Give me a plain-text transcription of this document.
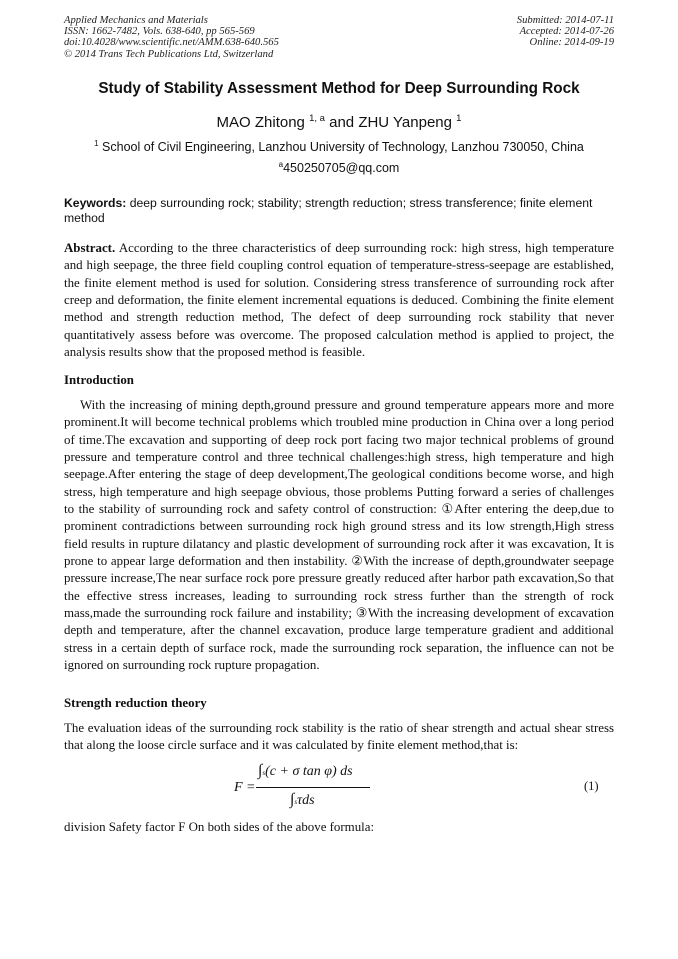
Applied Mechanics and Materials
ISSN: 1662-7482, Vols. 638-640, pp 565-569
doi:10.4028/www.scientific.net/AMM.638-640.565
© 2014 Trans Tech Publications Ltd, Switzerland
Submitted: 2014-07-11
Accepted: 2014-07-26
Online: 2014-09-19
Study of Stability Assessment Method for Deep Surrounding Rock
MAO Zhitong $^{1, a}$ and ZHU Yanpeng $^1$
$^1$ School of Civil Engineering, Lanzhou University of Technology, Lanzhou 730050, China
$^a$450250705@qq.com
Keywords: deep surrounding rock; stability; strength reduction; stress transference; finite element method
Abstract. According to the three characteristics of deep surrounding rock: high stress, high temperature and high seepage, the three field coupling control equation of temperature-stress-seepage are established, the finite element method is used for solution. Considering stress transference of surrounding rock after creep and deformation, the finite element incremental equations is deduced. Combining the finite element method and strength reduction method, The defect of deep surrounding rock stability that never quantitatively assess before was overcome. The proposed calculation method is applied to project, the analysis results show that the proposed method is feasible.
Introduction
With the increasing of mining depth,ground pressure and ground temperature appears more and more prominent.It will become technical problems which troubled mine production in China over a long period of time.The excavation and supporting of deep rock port facing two major technical problems of ground pressure and temperature control and three technical challenges:high stress, high temperature and high seepage.After entering the stage of deep development,The geological conditions become worse, and high stress, high temperature and high seepage obvious, those problems Putting forward a series of challenges to the stability of surrounding rock and safety control of construction: ①After entering the deep,due to prominent contradictions between surrounding rock high ground stress and its low strength,High stress field results in rupture dilatancy and plastic development of surrounding rock after it was excavation, It is prone to appear large deformation and then instability. ②With the increase of depth,groundwater seepage pressure increase,The near surface rock pore pressure greatly reduced after harbor path excavation,So that the effective stress increases, leading to surrounding rock stress further than the strength of rock mass,made the surrounding rock failure and instability; ③With the increasing development of excavation depth and temperature, after the channel excavation, produce large temperature gradient and additional stress in a certain depth of surface rock, made the surrounding rock separation, the influence can not be ignored on surrounding rock rupture propagation.
Strength reduction theory
The evaluation ideas of the surrounding rock stability is the ratio of shear strength and actual shear stress that along the loose circle surface and it was calculated by finite element method,that is:
F =
∫s(c + σ tan φ) ds
∫sτds
(1)
division Safety factor F On both sides of the above formula:
